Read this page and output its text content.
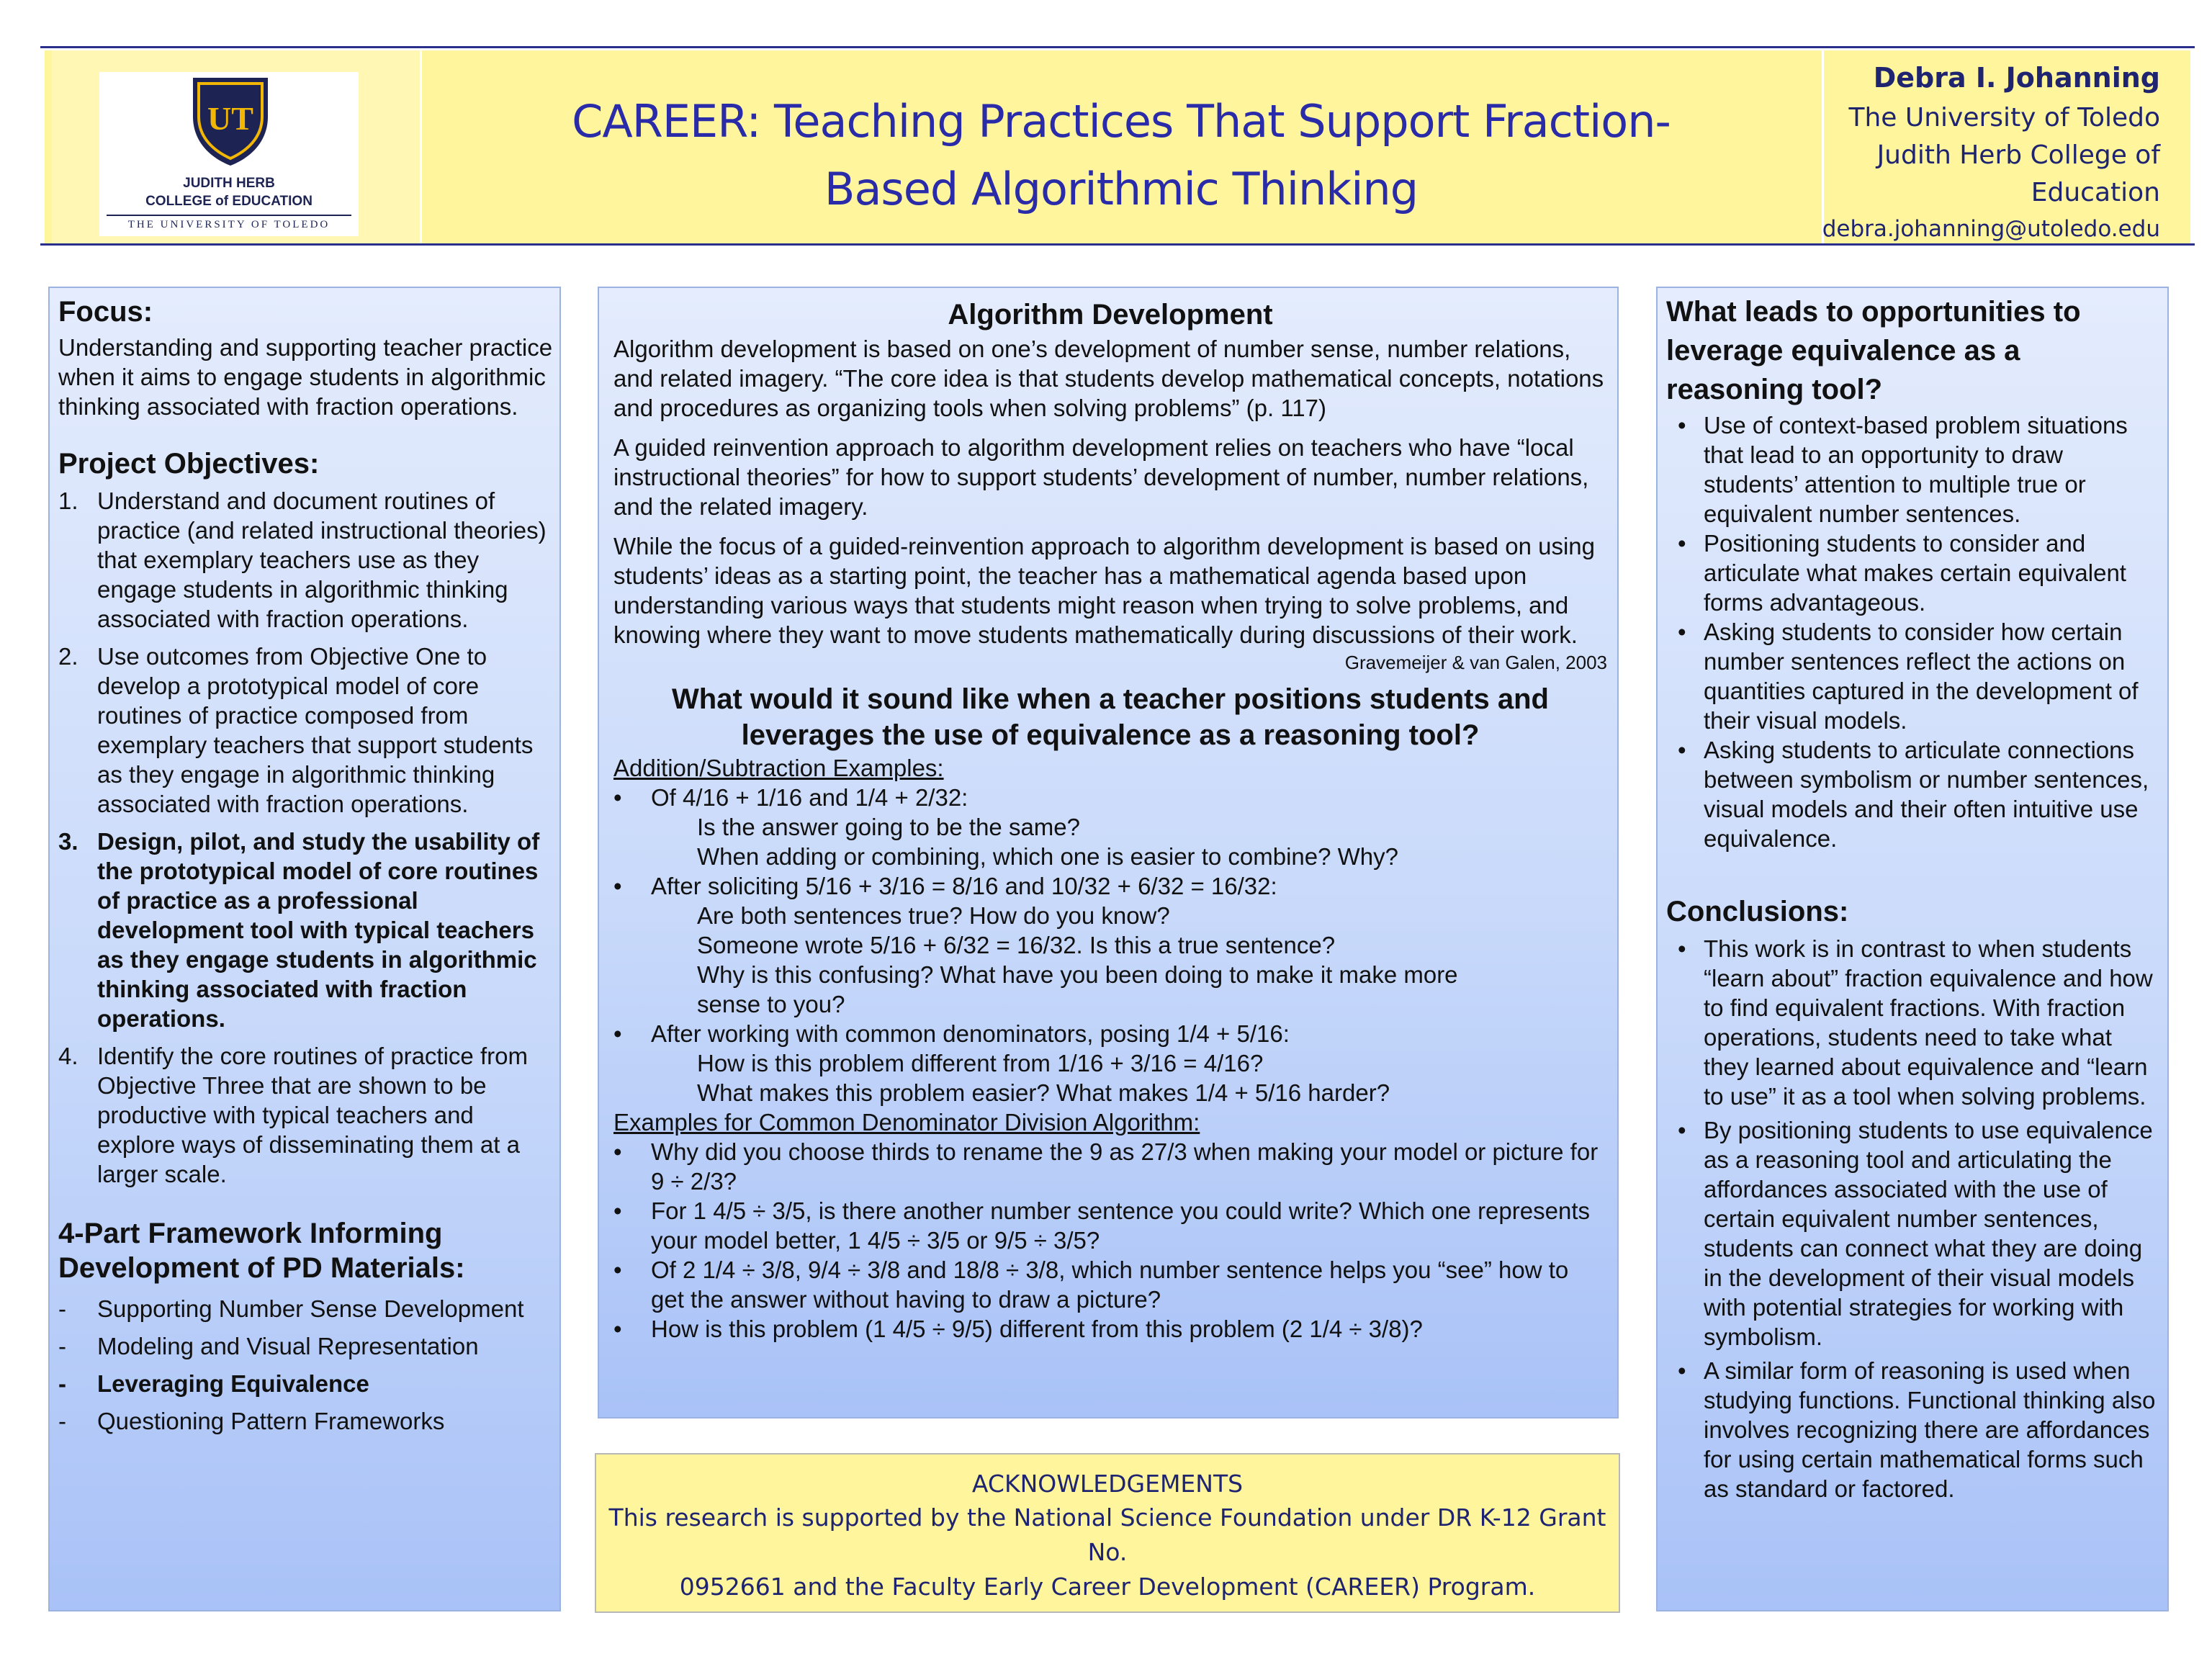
UT
JUDITH HERB
COLLEGE of EDUCATION
THE UNIVERSITY OF TOLEDO
CAREER: Teaching Practices That Support Fraction-
Based Algorithmic Thinking
Debra I. Johanning
The University of Toledo
Judith Herb College of
Education
debra.johanning@utoledo.edu
Focus:
Understanding and supporting teacher practice when it aims to engage students in algorithmic thinking associated with fraction operations.
Project Objectives:
1. Understand and document routines of practice (and related instructional theories) that exemplary teachers use as they engage students in algorithmic thinking associated with fraction operations.
2. Use outcomes from Objective One to develop a prototypical model of core routines of practice composed from exemplary teachers that support students as they engage in algorithmic thinking associated with fraction operations.
3. Design, pilot, and study the usability of the prototypical model of core routines of practice as a professional development tool with typical teachers as they engage students in algorithmic thinking associated with fraction operations.
4. Identify the core routines of practice from Objective Three that are shown to be productive with typical teachers and explore ways of disseminating them at a larger scale.
4-Part Framework Informing
Development of PD Materials:
- Supporting Number Sense Development
- Modeling and Visual Representation
- Leveraging Equivalence
- Questioning Pattern Frameworks
Algorithm Development
Algorithm development is based on one’s development of number sense, number relations, and related imagery. “The core idea is that students develop mathematical concepts, notations and procedures as organizing tools when solving problems” (p. 117)
A guided reinvention approach to algorithm development relies on teachers who have “local instructional theories” for how to support students’ development of number, number relations, and the related imagery.
While the focus of a guided-reinvention approach to algorithm development is based on using students’ ideas as a starting point, the teacher has a mathematical agenda based upon understanding various ways that students might reason when trying to solve problems, and knowing where they want to move students mathematically during discussions of their work.
Gravemeijer & van Galen, 2003
What would it sound like when a teacher positions students and
leverages the use of equivalence as a reasoning tool?
Addition/Subtraction Examples:
• Of 4/16 + 1/16 and 1/4 + 2/32:
Is the answer going to be the same?
When adding or combining, which one is easier to combine? Why?
• After soliciting 5/16 + 3/16 = 8/16 and 10/32 + 6/32 = 16/32:
Are both sentences true? How do you know?
Someone wrote 5/16 + 6/32 = 16/32. Is this a true sentence?
Why is this confusing? What have you been doing to make it make more
sense to you?
• After working with common denominators, posing 1/4 + 5/16:
How is this problem different from 1/16 + 3/16 = 4/16?
What makes this problem easier? What makes 1/4 + 5/16 harder?
Examples for Common Denominator Division Algorithm:
• Why did you choose thirds to rename the 9 as 27/3 when making your model or picture for 9 ÷ 2/3?
• For 1 4/5 ÷ 3/5, is there another number sentence you could write? Which one represents your model better, 1 4/5 ÷ 3/5 or 9/5 ÷ 3/5?
• Of 2 1/4 ÷ 3/8, 9/4 ÷ 3/8 and 18/8 ÷ 3/8, which number sentence helps you “see” how to get the answer without having to draw a picture?
• How is this problem (1 4/5 ÷ 9/5) different from this problem (2 1/4 ÷ 3/8)?
ACKNOWLEDGEMENTS
This research is supported by the National Science Foundation under DR K-12 Grant No.
0952661 and the Faculty Early Career Development (CAREER) Program.
What leads to opportunities to leverage equivalence as a reasoning tool?
• Use of context-based problem situations that lead to an opportunity to draw students’ attention to multiple true or equivalent number sentences.
• Positioning students to consider and articulate what makes certain equivalent forms advantageous.
• Asking students to consider how certain number sentences reflect the actions on quantities captured in the development of their visual models.
• Asking students to articulate connections between symbolism or number sentences, visual models and their often intuitive use equivalence.
Conclusions:
• This work is in contrast to when students “learn about” fraction equivalence and how to find equivalent fractions. With fraction operations, students need to take what they learned about equivalence and “learn to use” it as a tool when solving problems.
• By positioning students to use equivalence as a reasoning tool and articulating the affordances associated with the use of certain equivalent number sentences, students can connect what they are doing in the development of their visual models with potential strategies for working with symbolism.
• A similar form of reasoning is used when studying functions. Functional thinking also involves recognizing there are affordances for using certain mathematical forms such as standard or factored.
